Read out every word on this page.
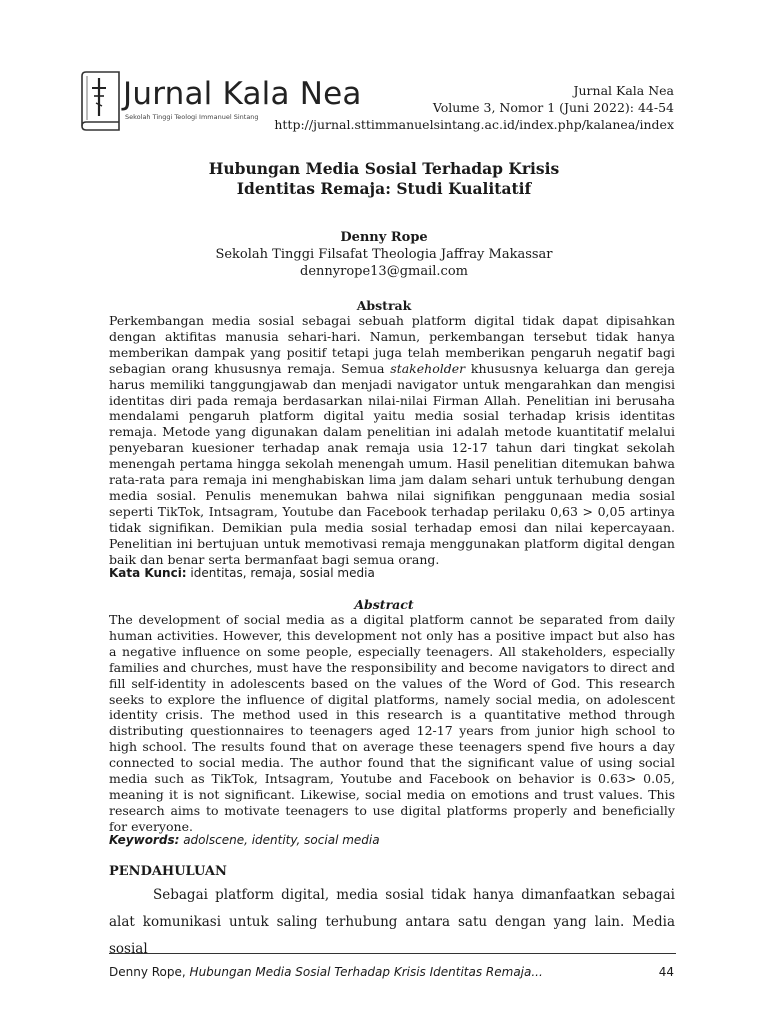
Jurnal Kala Nea
Sekolah Tinggi Teologi Immanuel Sintang
Jurnal Kala Nea
Volume 3, Nomor 1 (Juni 2022): 44-54
http://jurnal.sttimmanuelsintang.ac.id/index.php/kalanea/index
Hubungan Media Sosial Terhadap Krisis
Identitas Remaja: Studi Kualitatif
Denny Rope
Sekolah Tinggi Filsafat Theologia Jaffray Makassar
dennyrope13@gmail.com
Abstrak
Perkembangan media sosial sebagai sebuah platform digital tidak dapat dipisahkan dengan aktifitas manusia sehari-hari. Namun, perkembangan tersebut tidak hanya memberikan dampak yang positif tetapi juga telah memberikan pengaruh negatif bagi sebagian orang khususnya remaja. Semua stakeholder khususnya keluarga dan gereja harus memiliki tanggungjawab dan menjadi navigator untuk mengarahkan dan mengisi identitas diri pada remaja berdasarkan nilai-nilai Firman Allah. Penelitian ini berusaha mendalami pengaruh platform digital yaitu media sosial terhadap krisis identitas remaja. Metode yang digunakan dalam penelitian ini adalah metode kuantitatif melalui penyebaran kuesioner terhadap anak remaja usia 12-17 tahun dari tingkat sekolah menengah pertama hingga sekolah menengah umum. Hasil penelitian ditemukan bahwa rata-rata para remaja ini menghabiskan lima jam dalam sehari untuk terhubung dengan media sosial. Penulis menemukan bahwa nilai signifikan penggunaan media sosial seperti TikTok, Intsagram, Youtube dan Facebook terhadap perilaku 0,63 > 0,05 artinya tidak signifikan. Demikian pula media sosial terhadap emosi dan nilai kepercayaan. Penelitian ini bertujuan untuk memotivasi remaja menggunakan platform digital dengan baik dan benar serta bermanfaat bagi semua orang.
Kata Kunci: identitas, remaja, sosial media
Abstract
The development of social media as a digital platform cannot be separated from daily human activities. However, this development not only has a positive impact but also has a negative influence on some people, especially teenagers. All stakeholders, especially families and churches, must have the responsibility and become navigators to direct and fill self-identity in adolescents based on the values of the Word of God. This research seeks to explore the influence of digital platforms, namely social media, on adolescent identity crisis. The method used in this research is a quantitative method through distributing questionnaires to teenagers aged 12-17 years from junior high school to high school. The results found that on average these teenagers spend five hours a day connected to social media. The author found that the significant value of using social media such as TikTok, Intsagram, Youtube and Facebook on behavior is 0.63> 0.05, meaning it is not significant. Likewise, social media on emotions and trust values. This research aims to motivate teenagers to use digital platforms properly and beneficially for everyone.
Keywords: adolscene, identity, social media
PENDAHULUAN
Sebagai platform digital, media sosial tidak hanya dimanfaatkan sebagai alat komunikasi untuk saling terhubung antara satu dengan yang lain. Media sosial
Denny Rope, Hubungan Media Sosial Terhadap Krisis Identitas Remaja...	44
